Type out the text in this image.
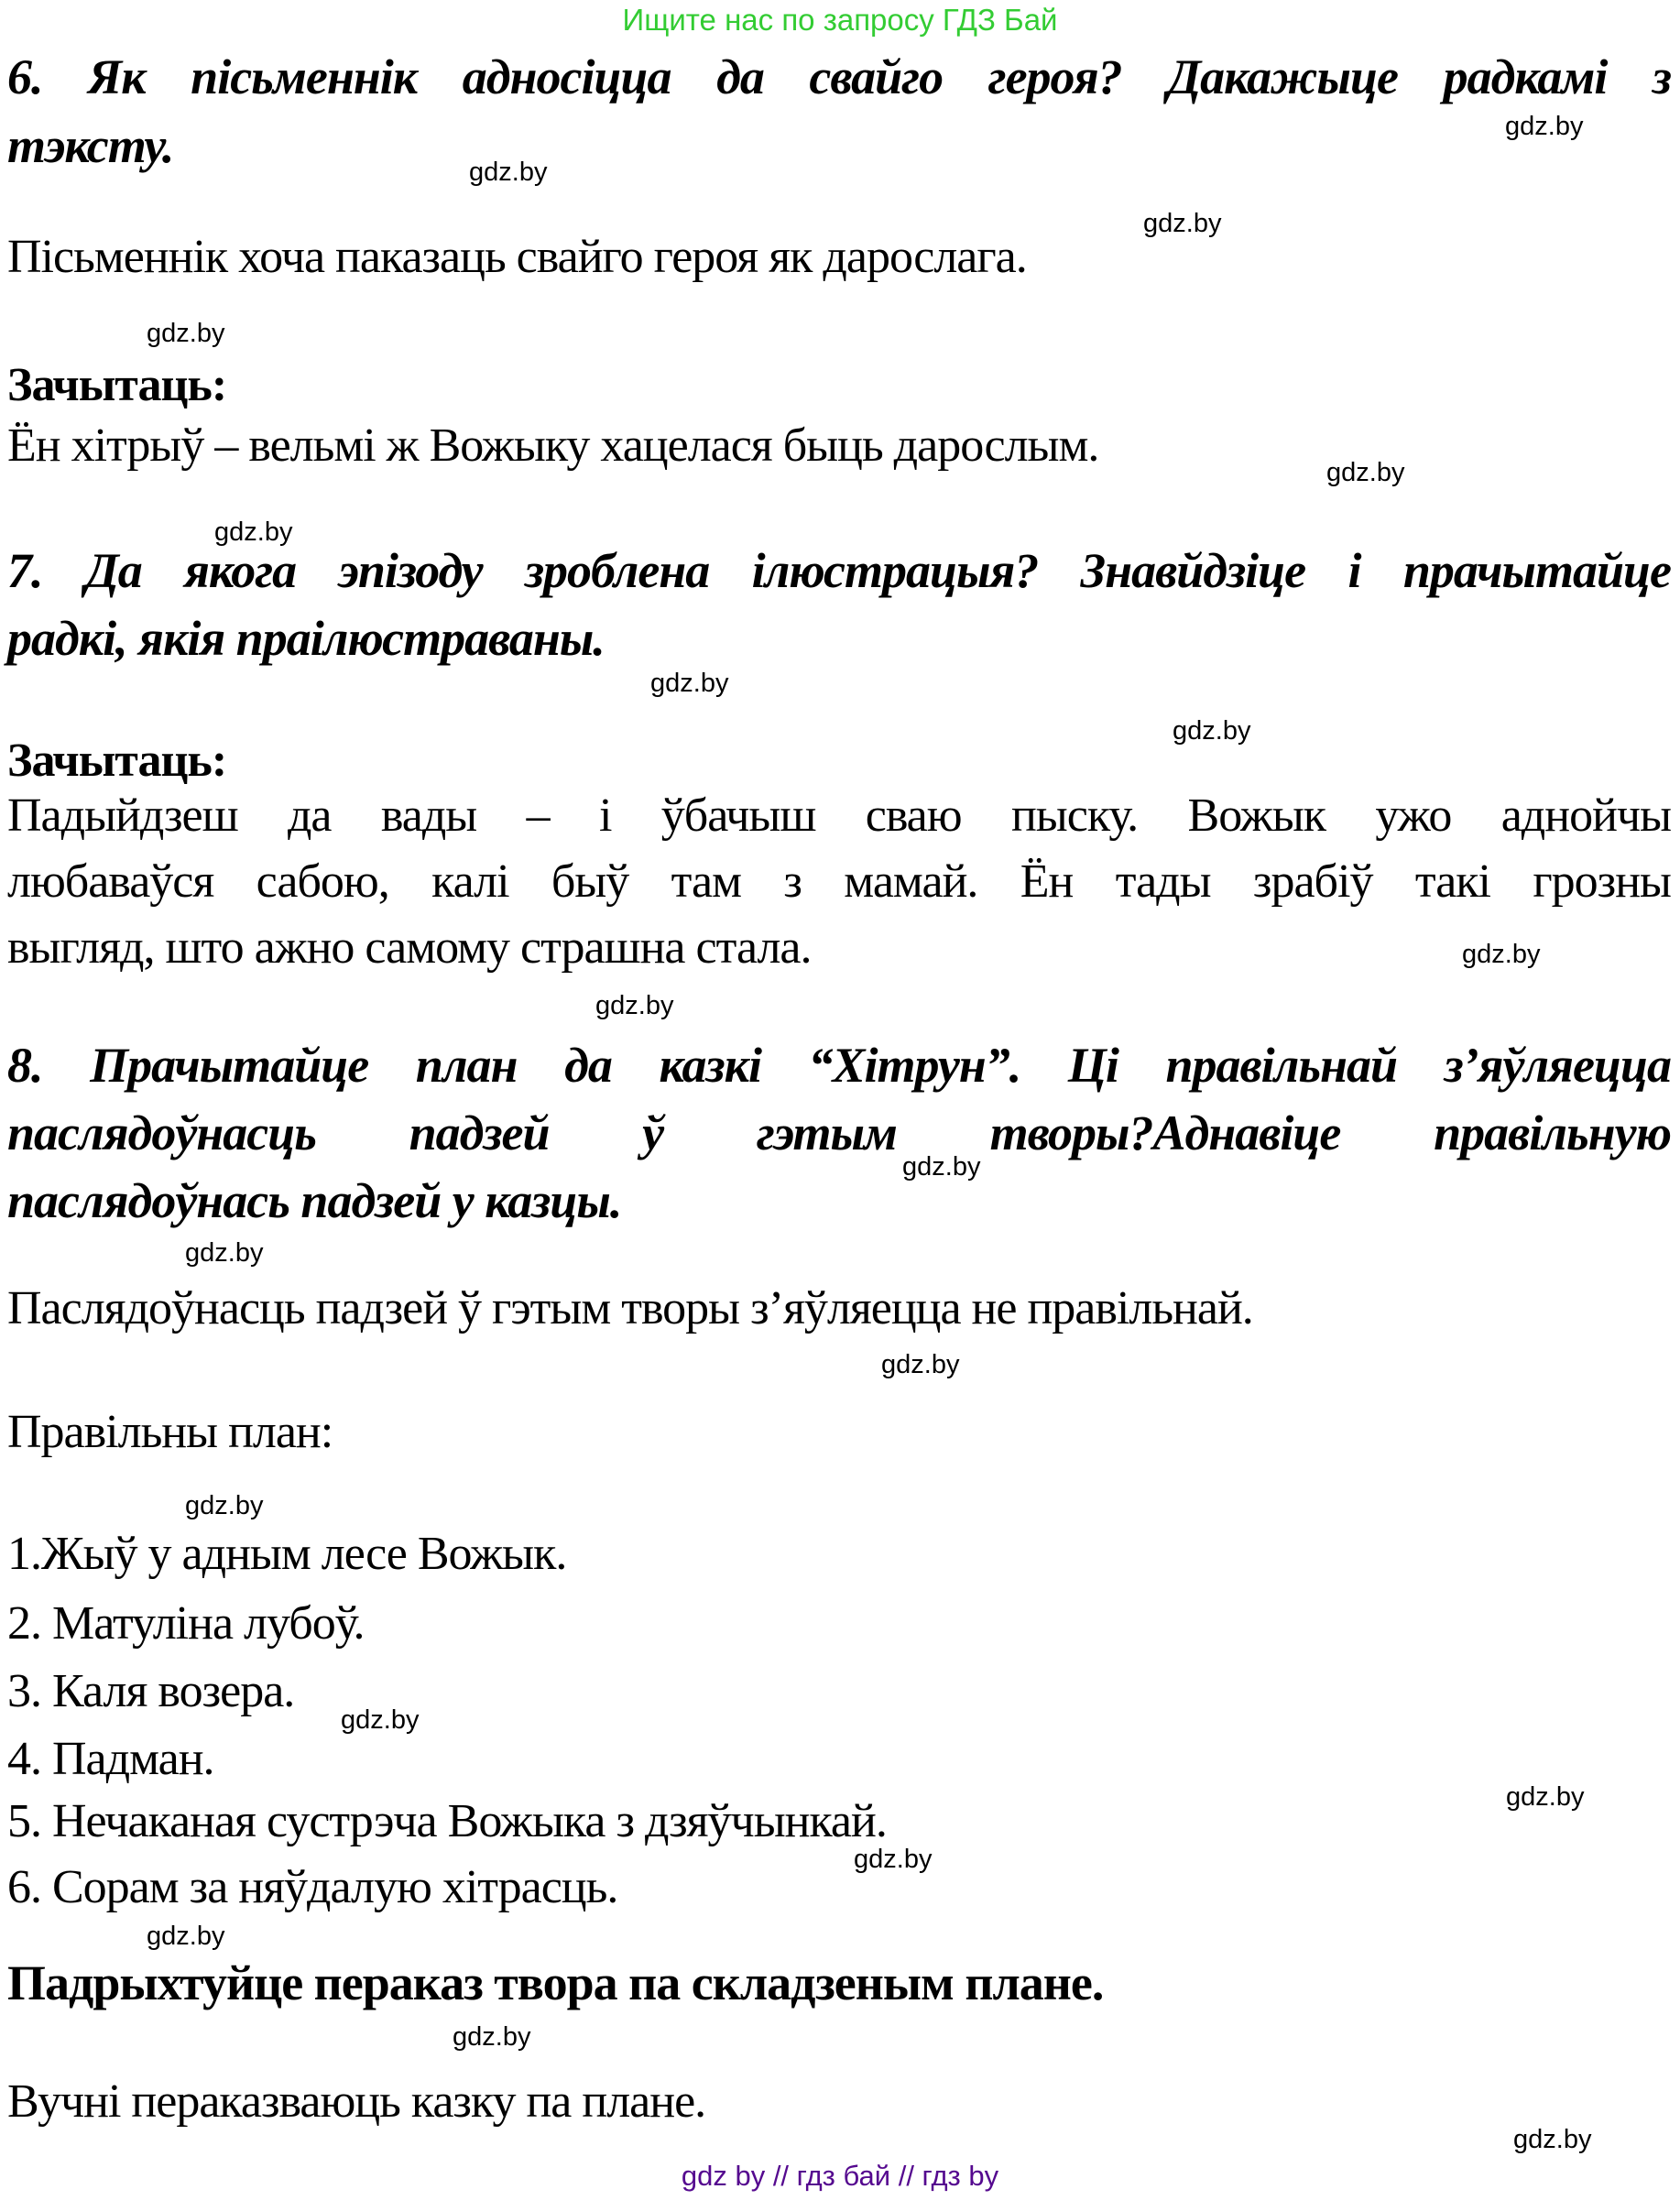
Ищите нас по запросу ГДЗ Бай
6. Як пісьменнік адносіцца да свайго героя? Дакажыце радкамі з
тэксту.
Пісьменнік хоча паказаць свайго героя як дарослага.
Зачытаць:
Ён хітрыў – вельмі ж Вожыку хацелася быць дарослым.
7. Да якога эпізоду зроблена ілюстрацыя? Знавйдзіце і прачытайце
радкі, якія праілюстраваны.
Зачытаць:
Падыйдзеш да вады – і ўбачыш сваю пыску. Вожык ужо аднойчы
любаваўся сабою, калі быў там з мамай. Ён тады зрабіў такі грозны
выгляд, што ажно самому страшна стала.
8. Прачытайце план да казкі “Хітрун”. Ці правільнай з’яўляецца
паслядоўнасць падзей ў гэтым творы?Аднавіце правільную
паслядоўнась падзей у казцы.
Паслядоўнасць падзей ў гэтым творы з’яўляецца не правільнай.
Правільны план:
1.Жыў у адным лесе Вожык.
2. Матуліна лубоў.
3. Каля возера.
4. Падман.
5. Нечаканая сустрэча Вожыка з дзяўчынкай.
6. Сорам за няўдалую хітрасць.
Падрыхтуйце пераказ твора па складзеным плане.
Вучні пераказваюць казку па плане.
gdz.by
gdz.by
gdz.by
gdz.by
gdz.by
gdz.by
gdz.by
gdz.by
gdz.by
gdz.by
gdz.by
gdz.by
gdz.by
gdz.by
gdz.by
gdz.by
gdz.by
gdz.by
gdz.by
gdz.by
gdz by // гдз бай // гдз by
